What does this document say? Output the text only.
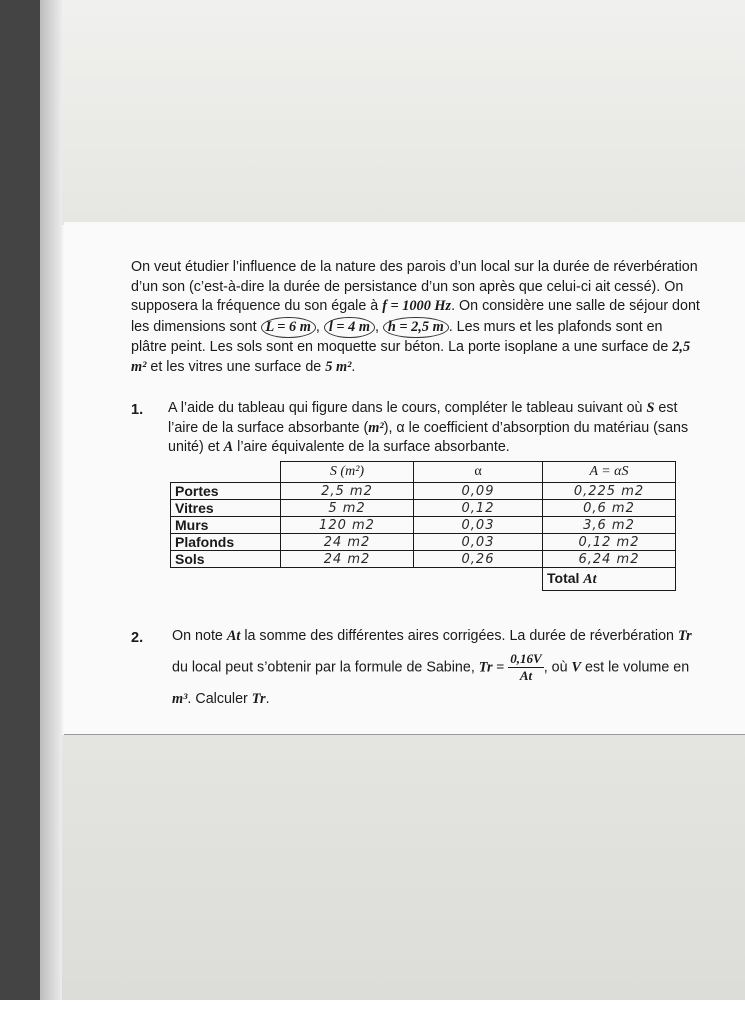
On veut étudier l’influence de la nature des parois d’un local sur la durée de réverbération d’un son (c’est-à-dire la durée de persistance d’un son après que celui-ci ait cessé). On supposera la fréquence du son égale à f = 1000 Hz. On considère une salle de séjour dont les dimensions sont L = 6 m , l = 4 m , h = 2,5 m . Les murs et les plafonds sont en plâtre peint. Les sols sont en moquette sur béton. La porte isoplane a une surface de 2,5 m² et les vitres une surface de 5 m².

1. A l’aide du tableau qui figure dans le cours, compléter le tableau suivant où S est l’aire de la surface absorbante (m²), α le coefficient d’absorption du matériau (sans unité) et A l’aire équivalente de la surface absorbante.

	S (m²)	α	A = αS
Portes	2,5 m2	0,09	0,225 m2

Vitres	5 m2	0,12	0,6 m2

Murs	120 m2	0,03	3,6 m2

Plafonds	24 m2	0,03	0,12 m2

Sols	24 m2	0,26	6,24 m2

			Total At
2. On note At la somme des différentes aires corrigées. La durée de réverbération Tr du local peut s’obtenir par la formule de Sabine, $Tr = \frac{0,16V}{At}$, où V est le volume en m³. Calculer Tr.
